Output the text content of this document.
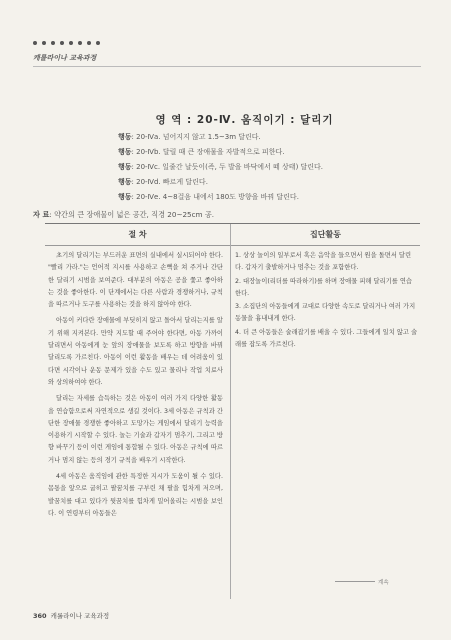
캐롤라이나 교육과정
영 역 : 20-Ⅳ. 움직이기 : 달리기
행동: 20-Ⅳa. 넘어지지 않고 1.5~3m 달린다.
행동: 20-Ⅳb. 달릴 때 큰 장애물을 자발적으로 피한다.
행동: 20-Ⅳc. 일줄간 날듯이(즉, 두 발을 바닥에서 떼 상태) 달린다.
행동: 20-Ⅳd. 빠르게 달린다.
행동: 20-Ⅳe. 4~8걸음 내에서 180도 방향을 바꿔 달린다.
자 료: 약간의 큰 장애물이 넓은 공간, 직경 20~25cm 공.
절 차	집단활동

초기의 달리기는 부드러운 표면의 실내에서 실시되어야 한다. "빨리 가라."는 언어적 지시를 사용하고 손뼉을 쳐 주거나 간단한 달리기 시범을 보여준다. 대부분의 아동은 공을 쫓고 좋아하는 것을 좋아한다. 이 단계에서는 다른 사람과 경쟁하거나, 규칙을 따르거나 도구를 사용하는 것을 하지 않아야 한다.

아동이 커다란 장애물에 부딪히지 않고 돌아서 달리는지를 알기 위해 지켜본다. 만약 지도할 때 주어야 한다면, 아동 가까이 달리면서 아동에게 눈 앞의 장애물을 보도록 하고 방향을 바꿔 달리도록 가르친다. 아동이 이런 활동을 배우는 데 어려움이 있다면 시각이나 운동 문제가 있을 수도 있고 물리나 작업 치료사와 상의하여야 한다.

달리는 자세를 습득하는 것은 아동이 여러 가지 다양한 활동을 연습함으로써 자연적으로 생길 것이다. 3세 아동은 규칙과 간단한 장애물 경쟁한 좋아하고 도망가는 게임에서 달리기 능력을 이용하기 시작할 수 있다. 놀는 기술과 갑자기 멈추기, 그리고 방향 바꾸기 등이 이런 게임에 통합될 수 있다. 아동은 규칙에 따르거나 멈지 않는 등의 경기 규칙을 배우기 시작한다.

4세 아동은 움직임에 관한 특정한 지시가 도움이 될 수 있다. 몸통을 앞으로 굽히고 팔꿈치를 구부린 채 팔을 힘차게 저으며, 발꿈치를 대고 있다가 뒷꿈치를 힘차게 밀어올리는 시범을 보인다. 이 연령부터 아동들은

1. 상상 놀이의 일부로서 혹은 음악을 들으면서 원을 돌면서 달린다. 갑자기 출발하거나 멈추는 것을 포함한다.

2. 대장놀이(리더를 따라하기)를 하며 장애물 피해 달리기를 연습한다.

3. 소집단의 아동들에게 교대로 다양한 속도로 달리거나 여러 가지 동물을 흉내내게 한다.

4. 더 큰 아동들은 술래잡기를 배울 수 있다. 그들에게 일치 않고 술래를 잡도록 가르친다.

계속
360 캐롤라이나 교육과정
